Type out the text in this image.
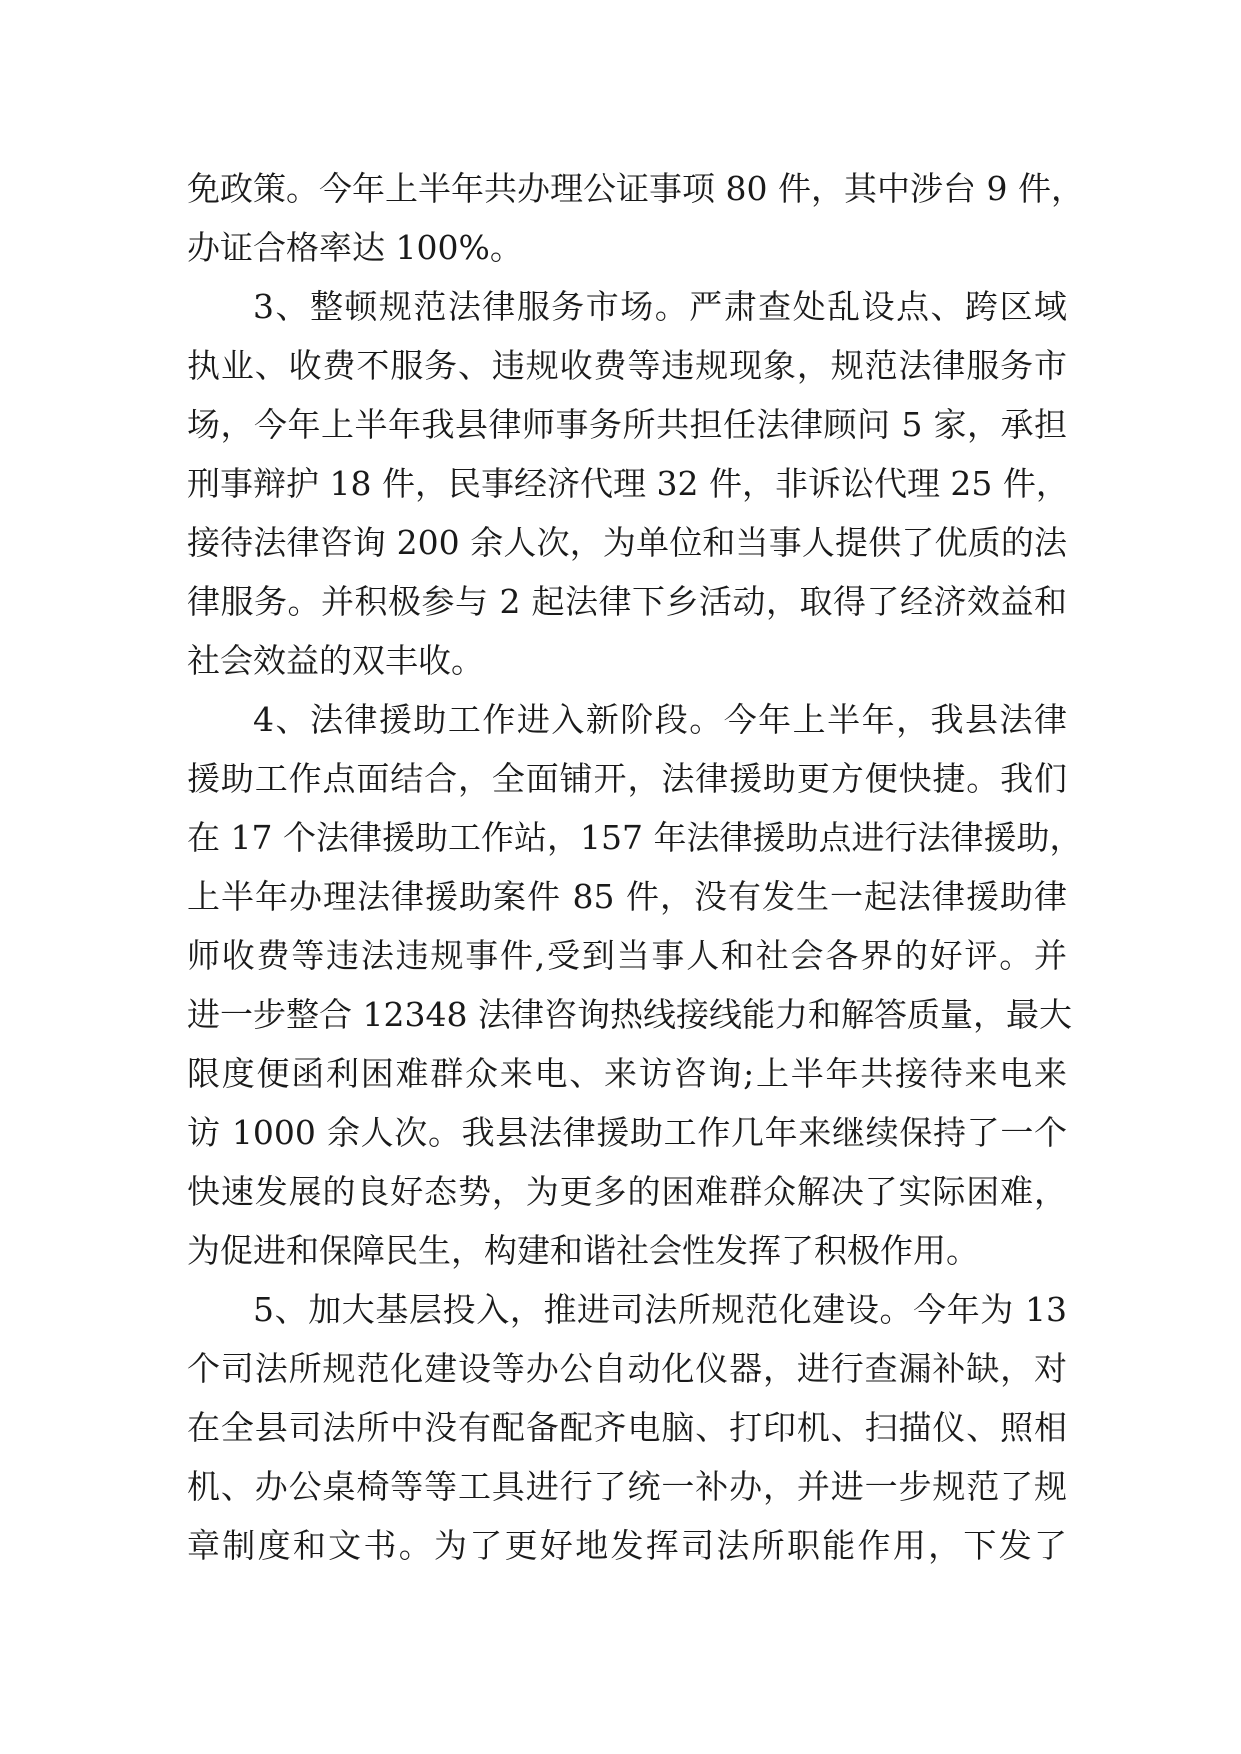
免政策。今年上半年共办理公证事项 80 件，其中涉台 9 件，
办证合格率达 100%。
3、整顿规范法律服务市场。严肃查处乱设点、跨区域
执业、收费不服务、违规收费等违规现象，规范法律服务市
场，今年上半年我县律师事务所共担任法律顾问 5 家，承担
刑事辩护 18 件，民事经济代理 32 件，非诉讼代理 25 件，
接待法律咨询 200 余人次，为单位和当事人提供了优质的法
律服务。并积极参与 2 起法律下乡活动，取得了经济效益和
社会效益的双丰收。
4、法律援助工作进入新阶段。今年上半年，我县法律
援助工作点面结合，全面铺开，法律援助更方便快捷。我们
在 17 个法律援助工作站，157 年法律援助点进行法律援助，
上半年办理法律援助案件 85 件，没有发生一起法律援助律
师收费等违法违规事件,受到当事人和社会各界的好评。并
进一步整合 12348 法律咨询热线接线能力和解答质量，最大
限度便函利困难群众来电、来访咨询;上半年共接待来电来
访 1000 余人次。我县法律援助工作几年来继续保持了一个
快速发展的良好态势，为更多的困难群众解决了实际困难，
为促进和保障民生，构建和谐社会性发挥了积极作用。
5、加大基层投入，推进司法所规范化建设。今年为 13
个司法所规范化建设等办公自动化仪器，进行查漏补缺，对
在全县司法所中没有配备配齐电脑、打印机、扫描仪、照相
机、办公桌椅等等工具进行了统一补办，并进一步规范了规
章制度和文书。为了更好地发挥司法所职能作用，下发了
